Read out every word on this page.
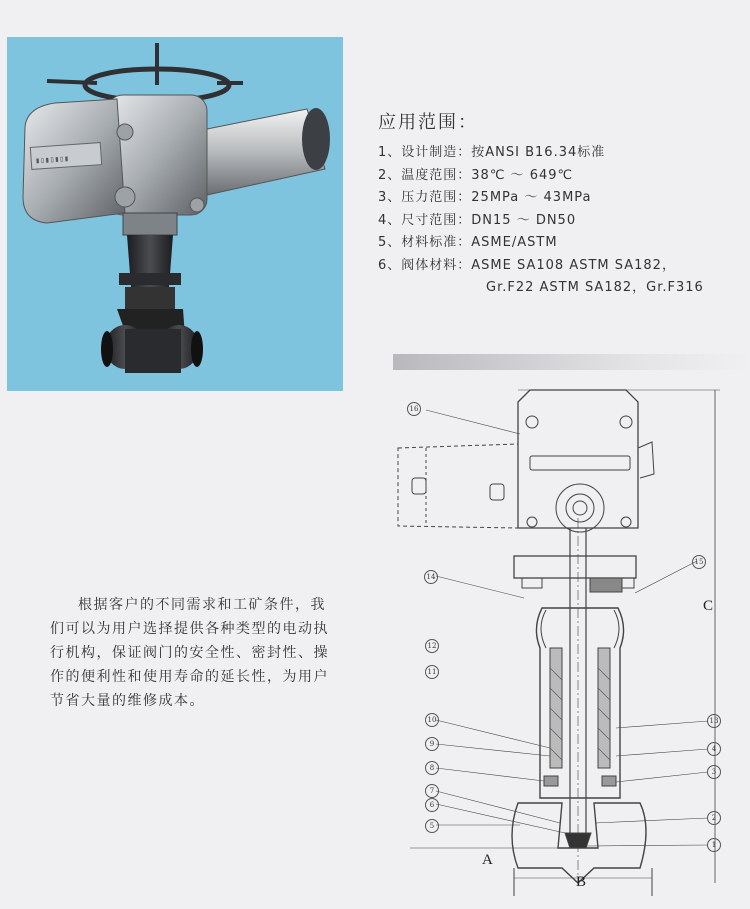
▮▯▮▯▮▯▮
应用范围：
1、设计制造：按ANSI B16.34标准
2、温度范围：38℃ ～ 649℃
3、压力范围：25MPa ～ 43MPa
4、尺寸范围：DN15 ～ DN50
5、材料标准：ASME/ASTM
6、阀体材料：ASME SA108 ASTM SA182，
Gr.F22 ASTM SA182，Gr.F316

根据客户的不同需求和工矿条件，我们可以为用户选择提供各种类型的电动执行机构，保证阀门的安全性、密封性、操作的便利性和使用寿命的延长性，为用户节省大量的维修成本。

16
15
14
12
11
10
9
8
7
6
5
13
4
3
2
1
A
B
C
